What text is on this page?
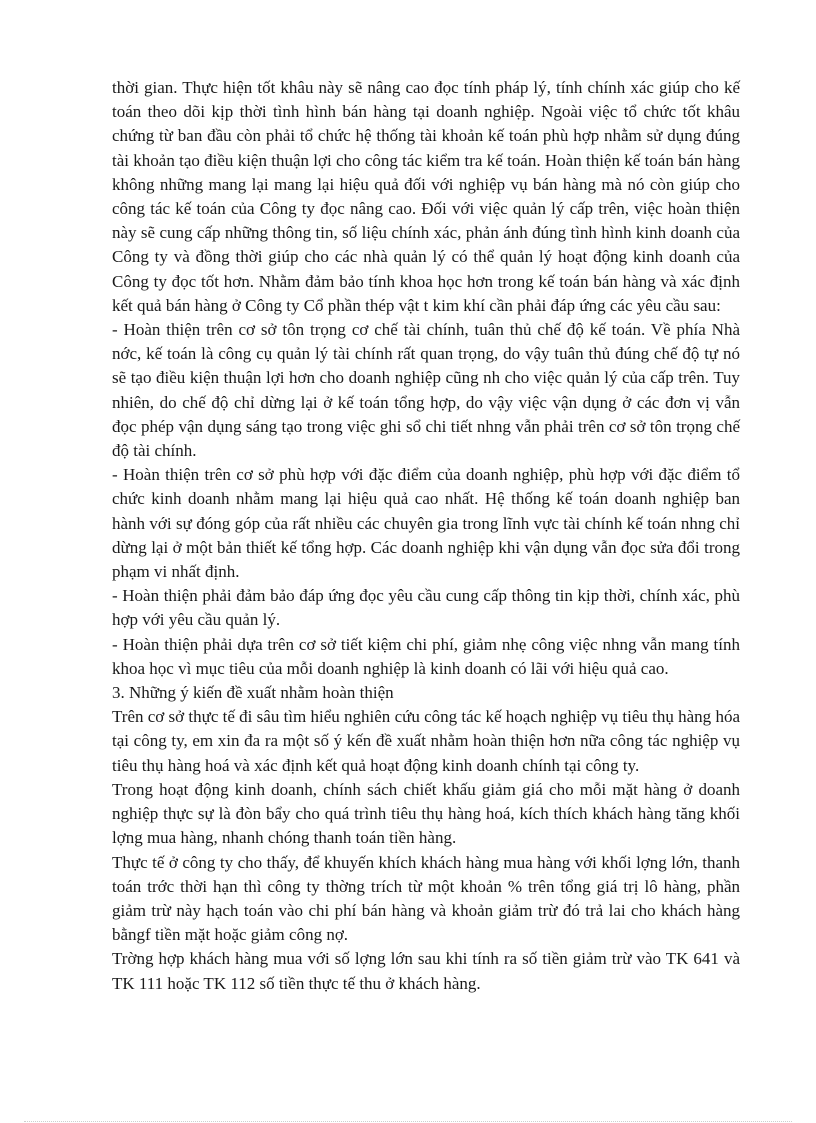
thời gian. Thực hiện tốt khâu này sẽ nâng cao đọc tính pháp lý, tính chính xác giúp cho kế toán theo dõi kịp thời tình hình bán hàng tại doanh nghiệp. Ngoài việc tổ chức tốt khâu chứng từ ban đầu còn phải tổ chức hệ thống tài khoản kế toán phù hợp nhằm sử dụng đúng tài khoản tạo điều kiện thuận lợi cho công tác kiểm tra kế toán. Hoàn thiện kế toán bán hàng không những mang lại mang lại hiệu quả đối với nghiệp vụ bán hàng mà nó còn giúp cho công tác kế toán của Công ty đọc nâng cao. Đối với việc quản lý cấp trên, việc hoàn thiện này sẽ cung cấp những thông tin, số liệu chính xác, phản ánh đúng tình hình kinh doanh của Công ty và đồng thời giúp cho các nhà quản lý có thể quản lý hoạt động kinh doanh của Công ty đọc tốt hơn. Nhằm đảm bảo tính khoa học hơn trong kế toán bán hàng và xác định kết quả bán hàng ở Công ty Cổ phần thép vật t kim khí cần phải đáp ứng các yêu cầu sau:

- Hoàn thiện trên cơ sở tôn trọng cơ chế tài chính, tuân thủ chế độ kế toán. Về phía Nhà nớc, kế toán là công cụ quản lý tài chính rất quan trọng, do vậy tuân thủ đúng chế độ tự nó sẽ tạo điều kiện thuận lợi hơn cho doanh nghiệp cũng nh cho việc quản lý của cấp trên. Tuy nhiên, do chế độ chỉ dừng lại ở kế toán tổng hợp, do vậy việc vận dụng ở các đơn vị vẫn đọc phép vận dụng sáng tạo trong việc ghi sổ chi tiết nhng vẫn phải trên cơ sở tôn trọng chế độ tài chính.

- Hoàn thiện trên cơ sở phù hợp với đặc điểm của doanh nghiệp, phù hợp với đặc điểm tổ chức kinh doanh nhằm mang lại hiệu quả cao nhất. Hệ thống kế toán doanh nghiệp ban hành với sự đóng góp của rất nhiều các chuyên gia trong lĩnh vực tài chính kế toán nhng chỉ dừng lại ở một bản thiết kế tổng hợp. Các doanh nghiệp khi vận dụng vẫn đọc sửa đổi trong phạm vi nhất định.

- Hoàn thiện phải đảm bảo đáp ứng đọc yêu cầu cung cấp thông tin kịp thời, chính xác, phù hợp với yêu cầu quản lý.

- Hoàn thiện phải dựa trên cơ sở tiết kiệm chi phí, giảm nhẹ công việc nhng vẫn mang tính khoa học vì mục tiêu của mỗi doanh nghiệp là kinh doanh có lãi với hiệu quả cao.

3. Những ý kiến đề xuất nhằm hoàn thiện

Trên cơ sở thực tế đi sâu tìm hiểu nghiên cứu công tác kế hoạch nghiệp vụ tiêu thụ hàng hóa tại công ty, em xin đa ra một số ý kến đề xuất nhằm hoàn thiện hơn nữa công tác nghiệp vụ tiêu thụ hàng hoá và xác định kết quả hoạt động kinh doanh chính tại công ty.

Trong hoạt động kinh doanh, chính sách chiết khấu giảm giá cho mỗi mặt hàng ở doanh nghiệp thực sự là đòn bẩy cho quá trình tiêu thụ hàng hoá, kích thích khách hàng tăng khối lợng mua hàng, nhanh chóng thanh toán tiền hàng.

Thực tế ở công ty cho thấy, để khuyến khích khách hàng mua hàng với khối lợng lớn, thanh toán trớc thời hạn thì công ty thờng trích từ một khoản % trên tổng giá trị lô hàng, phần giảm trừ này hạch toán vào chi phí bán hàng và khoản giảm trừ đó trả lai cho khách hàng bằngf tiền mặt hoặc giảm công nợ.

Trờng hợp khách hàng mua với số lợng lớn sau khi tính ra số tiền giảm trừ vào TK 641 và TK 111 hoặc TK 112 số tiền thực tế thu ở khách hàng.
